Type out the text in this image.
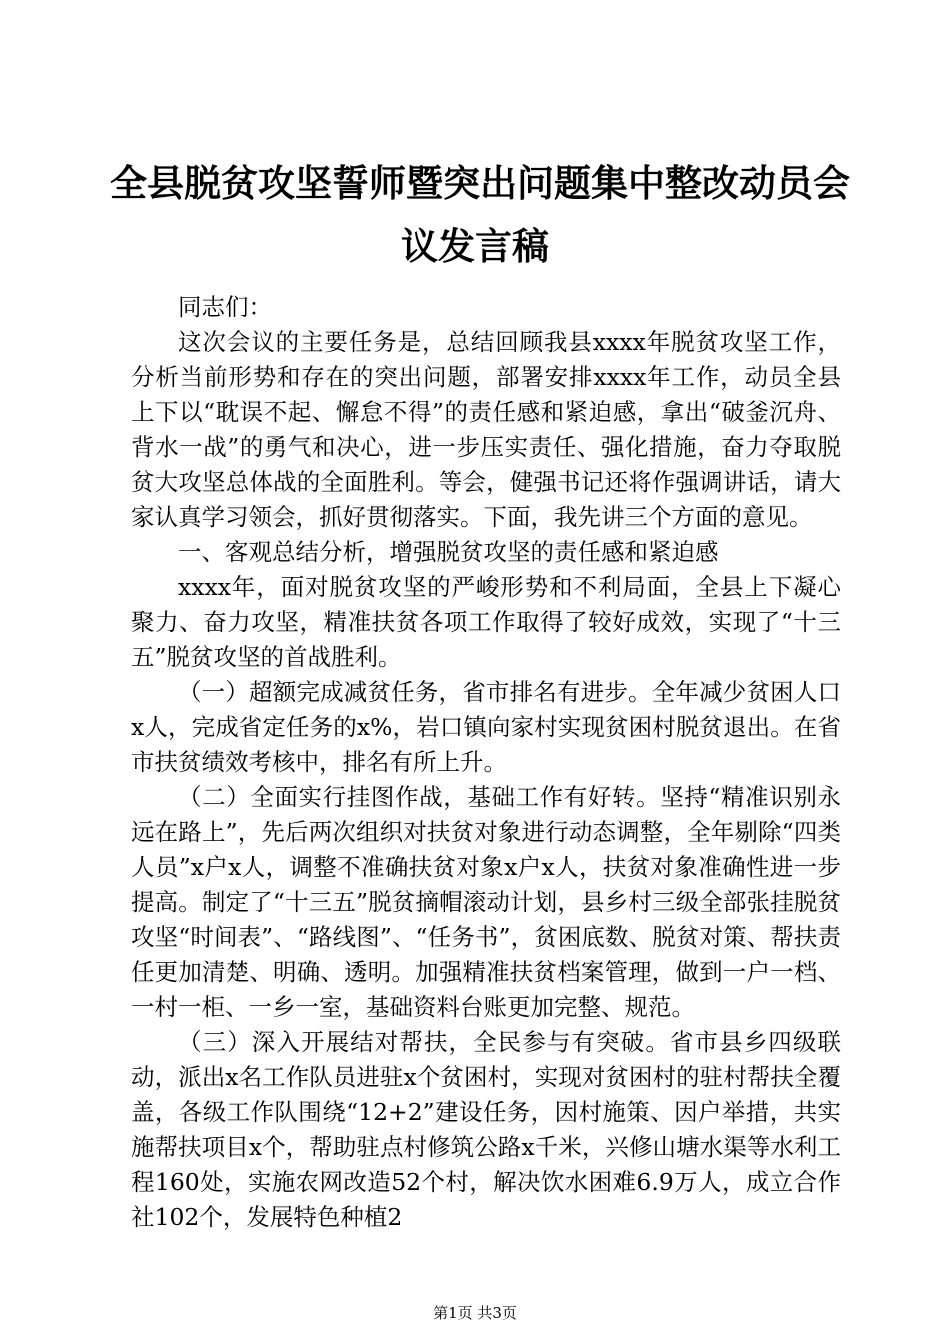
全县脱贫攻坚誓师暨突出问题集中整改动员会
议发言稿

同志们：

这次会议的主要任务是，总结回顾我县xxxx年脱贫攻坚工作，分析当前形势和存在的突出问题，部署安排xxxx年工作，动员全县上下以“耽误不起、懈怠不得”的责任感和紧迫感，拿出“破釜沉舟、背水一战”的勇气和决心，进一步压实责任、强化措施，奋力夺取脱贫大攻坚总体战的全面胜利。等会，健强书记还将作强调讲话，请大家认真学习领会，抓好贯彻落实。下面，我先讲三个方面的意见。

一、客观总结分析，增强脱贫攻坚的责任感和紧迫感

xxxx年，面对脱贫攻坚的严峻形势和不利局面，全县上下凝心聚力、奋力攻坚，精准扶贫各项工作取得了较好成效，实现了“十三五”脱贫攻坚的首战胜利。

（一）超额完成减贫任务，省市排名有进步。全年减少贫困人口x人，完成省定任务的x%，岩口镇向家村实现贫困村脱贫退出。在省市扶贫绩效考核中，排名有所上升。

（二）全面实行挂图作战，基础工作有好转。坚持“精准识别永远在路上”，先后两次组织对扶贫对象进行动态调整，全年剔除“四类人员”x户x人，调整不准确扶贫对象x户x人，扶贫对象准确性进一步提高。制定了“十三五”脱贫摘帽滚动计划，县乡村三级全部张挂脱贫攻坚“时间表”、“路线图”、“任务书”，贫困底数、脱贫对策、帮扶责任更加清楚、明确、透明。加强精准扶贫档案管理，做到一户一档、一村一柜、一乡一室，基础资料台账更加完整、规范。

（三）深入开展结对帮扶，全民参与有突破。省市县乡四级联动，派出x名工作队员进驻x个贫困村，实现对贫困村的驻村帮扶全覆盖，各级工作队围绕“12+2”建设任务，因村施策、因户举措，共实施帮扶项目x个，帮助驻点村修筑公路x千米，兴修山塘水渠等水利工程160处，实施农网改造52个村，解决饮水困难6.9万人，成立合作社102个，发展特色种植2

第1页 共3页
